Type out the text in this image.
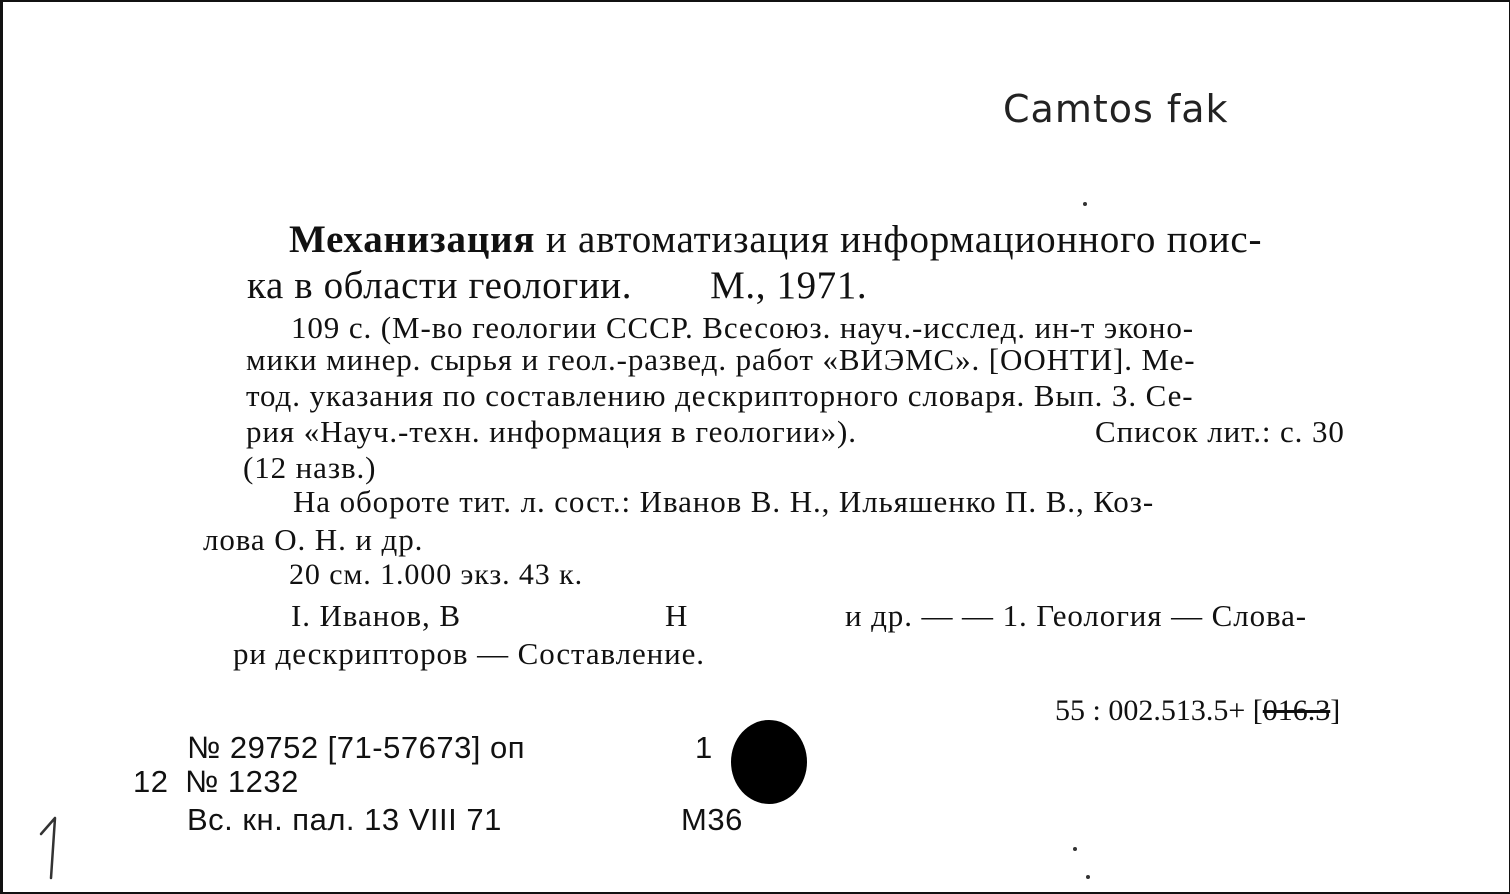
Camtos fak
Механизация и автоматизация информационного поис-
ка в области геологии. М., 1971.
109 с. (М-во геологии СССР. Всесоюз. науч.-исслед. ин-т эконо-
мики минер. сырья и геол.-развед. работ «ВИЭМС». [ООНТИ]. Ме-
тод. указания по составлению дескрипторного словаря. Вып. 3. Се-
рия «Науч.-техн. информация в геологии»).	Список лит.: с. 30
(12 назв.)
На обороте тит. л. сост.: Иванов В. Н., Ильяшенко П. В., Коз-
лова О. Н. и др.
20 см. 1.000 экз. 43 к.
I. Иванов, В	Н	и др. — — 1. Геология — Слова-
ри дескрипторов — Составление.
55 : 002.513.5+ [016.3]
№ 29752 [71-57673] оп	1
12 № 1232
Вс. кн. пал. 13 VIII 71	М36
